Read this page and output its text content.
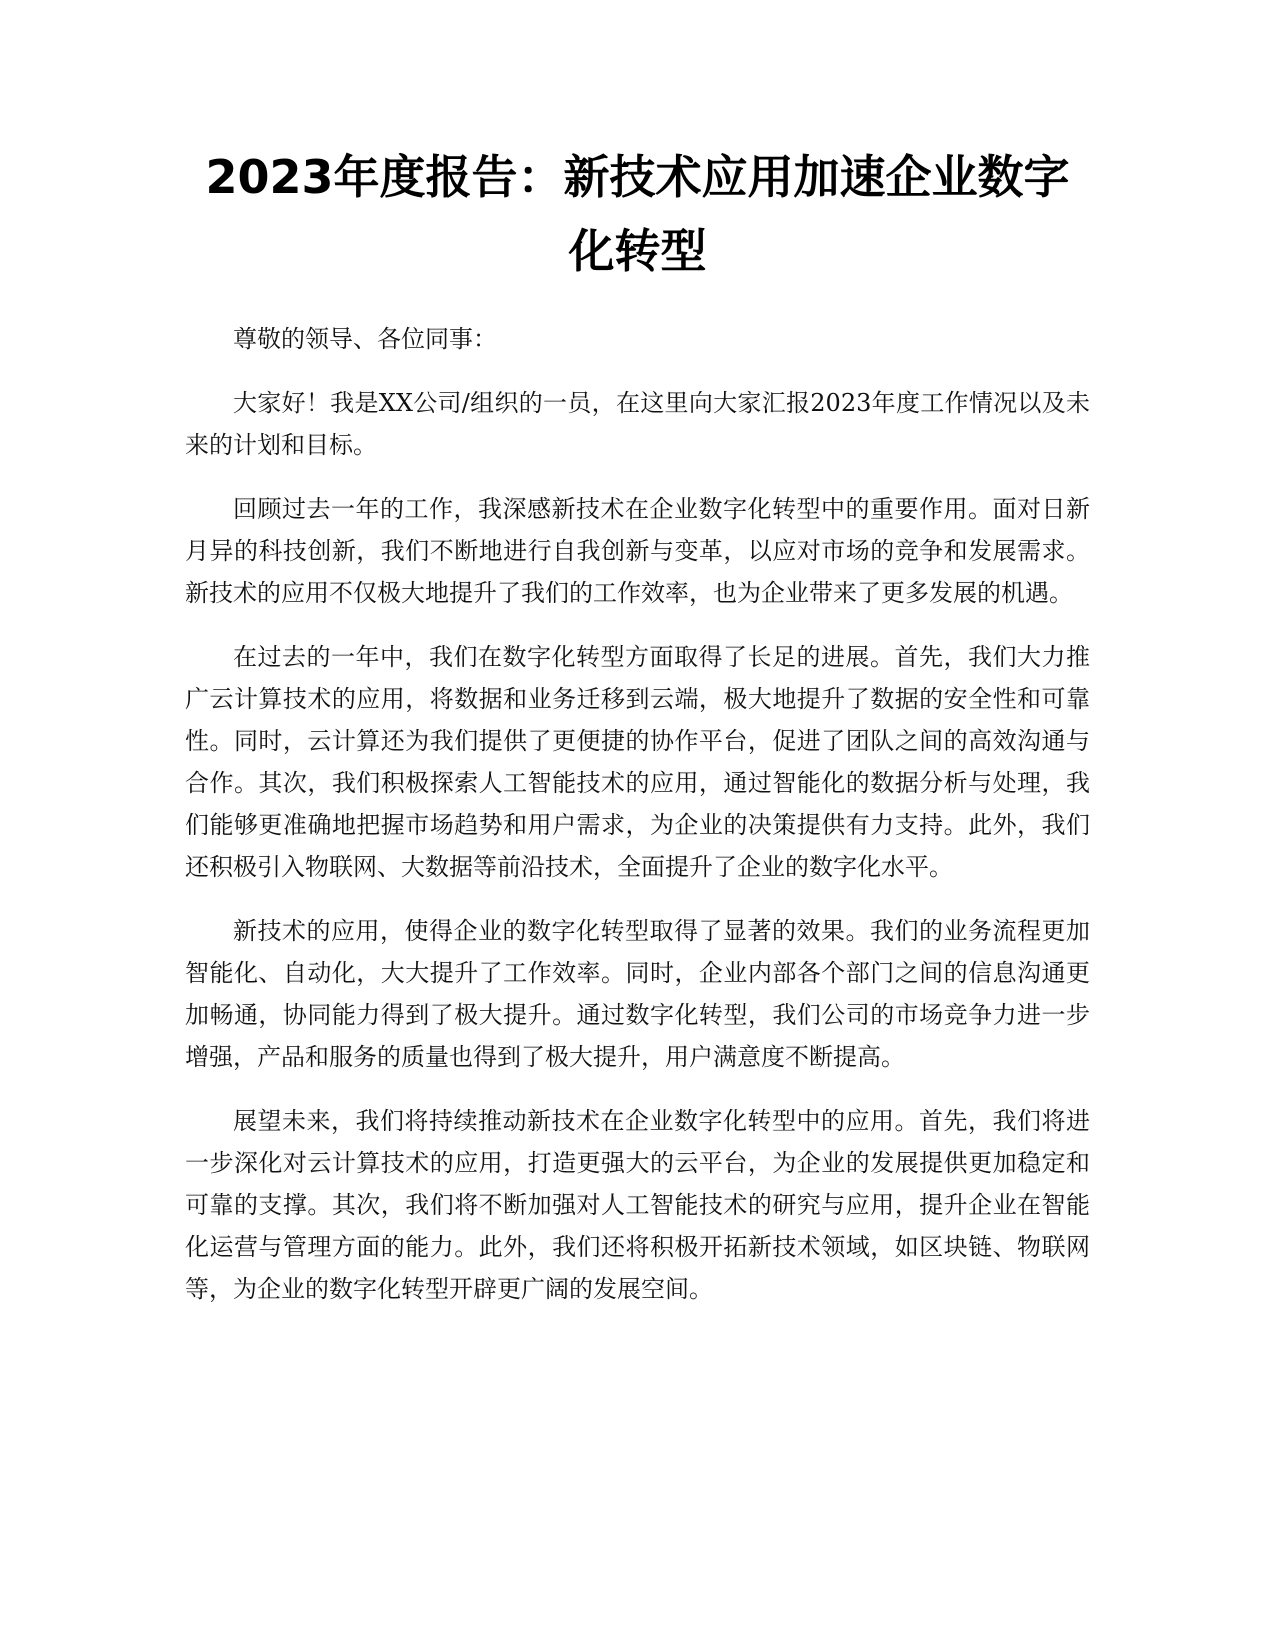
2023年度报告：新技术应用加速企业数字化转型

尊敬的领导、各位同事：

大家好！我是XX公司/组织的一员，在这里向大家汇报2023年度工作情况以及未来的计划和目标。

回顾过去一年的工作，我深感新技术在企业数字化转型中的重要作用。面对日新月异的科技创新，我们不断地进行自我创新与变革，以应对市场的竞争和发展需求。新技术的应用不仅极大地提升了我们的工作效率，也为企业带来了更多发展的机遇。

在过去的一年中，我们在数字化转型方面取得了长足的进展。首先，我们大力推广云计算技术的应用，将数据和业务迁移到云端，极大地提升了数据的安全性和可靠性。同时，云计算还为我们提供了更便捷的协作平台，促进了团队之间的高效沟通与合作。其次，我们积极探索人工智能技术的应用，通过智能化的数据分析与处理，我们能够更准确地把握市场趋势和用户需求，为企业的决策提供有力支持。此外，我们还积极引入物联网、大数据等前沿技术，全面提升了企业的数字化水平。

新技术的应用，使得企业的数字化转型取得了显著的效果。我们的业务流程更加智能化、自动化，大大提升了工作效率。同时，企业内部各个部门之间的信息沟通更加畅通，协同能力得到了极大提升。通过数字化转型，我们公司的市场竞争力进一步增强，产品和服务的质量也得到了极大提升，用户满意度不断提高。

展望未来，我们将持续推动新技术在企业数字化转型中的应用。首先，我们将进一步深化对云计算技术的应用，打造更强大的云平台，为企业的发展提供更加稳定和可靠的支撑。其次，我们将不断加强对人工智能技术的研究与应用，提升企业在智能化运营与管理方面的能力。此外，我们还将积极开拓新技术领域，如区块链、物联网等，为企业的数字化转型开辟更广阔的发展空间。
